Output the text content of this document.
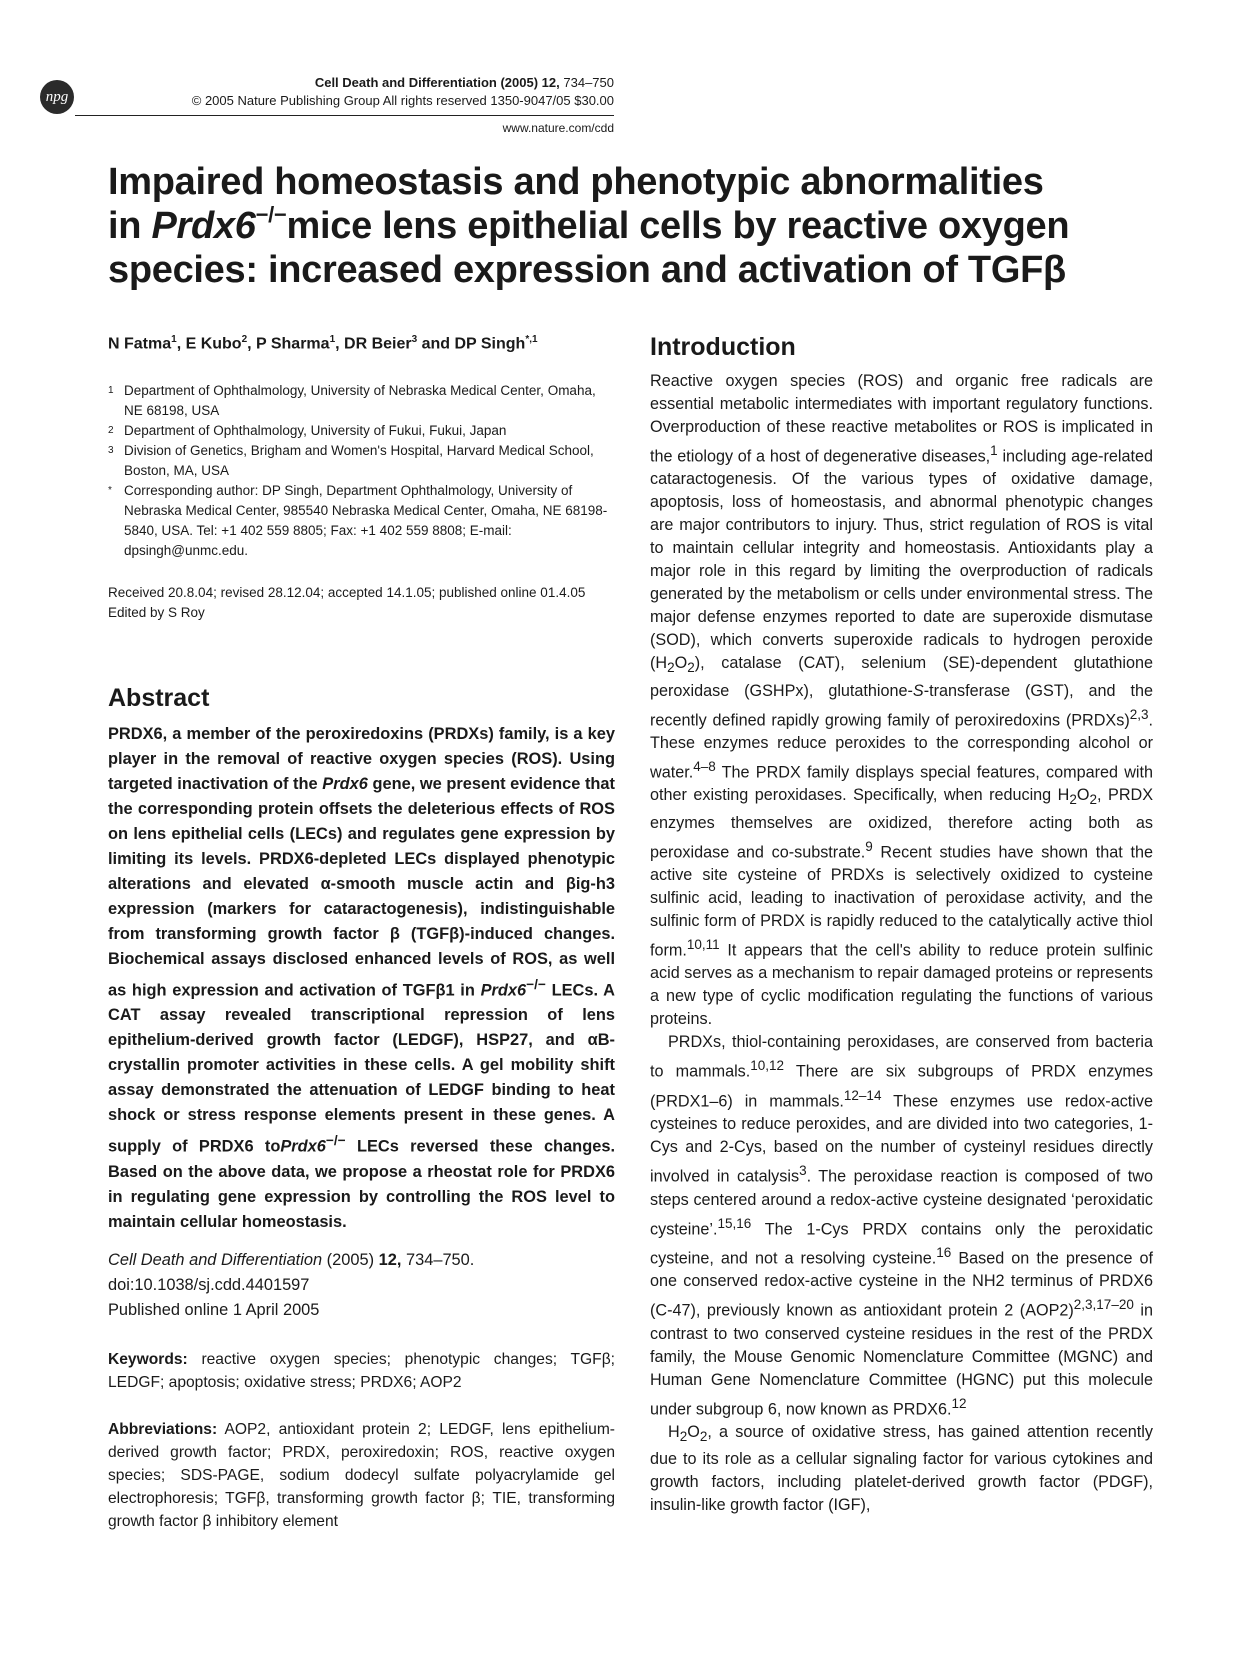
npg
Cell Death and Differentiation (2005) 12, 734–750
© 2005 Nature Publishing Group All rights reserved 1350-9047/05 $30.00
www.nature.com/cdd
Impaired homeostasis and phenotypic abnormalities
in Prdx6−/−mice lens epithelial cells by reactive oxygen
species: increased expression and activation of TGFβ
N Fatma$^1$, E Kubo$^2$, P Sharma$^1$, DR Beier$^3$ and DP Singh$^{*,1}$
1 Department of Ophthalmology, University of Nebraska Medical Center, Omaha, NE 68198, USA
2 Department of Ophthalmology, University of Fukui, Fukui, Japan
3 Division of Genetics, Brigham and Women's Hospital, Harvard Medical School, Boston, MA, USA
* Corresponding author: DP Singh, Department Ophthalmology, University of Nebraska Medical Center, 985540 Nebraska Medical Center, Omaha, NE 68198-5840, USA. Tel: +1 402 559 8805; Fax: +1 402 559 8808; E-mail: dpsingh@unmc.edu.
Received 20.8.04; revised 28.12.04; accepted 14.1.05; published online 01.4.05
Edited by S Roy
Abstract
PRDX6, a member of the peroxiredoxins (PRDXs) family, is a key player in the removal of reactive oxygen species (ROS). Using targeted inactivation of the Prdx6 gene, we present evidence that the corresponding protein offsets the deleterious effects of ROS on lens epithelial cells (LECs) and regulates gene expression by limiting its levels. PRDX6-depleted LECs displayed phenotypic alterations and elevated α-smooth muscle actin and βig-h3 expression (markers for cataractogenesis), indistinguishable from transforming growth factor β (TGFβ)-induced changes. Biochemical assays disclosed enhanced levels of ROS, as well as high expression and activation of TGFβ1 in Prdx6−/− LECs. A CAT assay revealed transcriptional repression of lens epithelium-derived growth factor (LEDGF), HSP27, and αB-crystallin promoter activities in these cells. A gel mobility shift assay demonstrated the attenuation of LEDGF binding to heat shock or stress response elements present in these genes. A supply of PRDX6 toPrdx6−/− LECs reversed these changes. Based on the above data, we propose a rheostat role for PRDX6 in regulating gene expression by controlling the ROS level to maintain cellular homeostasis.
Cell Death and Differentiation (2005) 12, 734–750.
doi:10.1038/sj.cdd.4401597
Published online 1 April 2005
Keywords: reactive oxygen species; phenotypic changes; TGFβ; LEDGF; apoptosis; oxidative stress; PRDX6; AOP2
Abbreviations: AOP2, antioxidant protein 2; LEDGF, lens epithelium-derived growth factor; PRDX, peroxiredoxin; ROS, reactive oxygen species; SDS-PAGE, sodium dodecyl sulfate polyacrylamide gel electrophoresis; TGFβ, transforming growth factor β; TIE, transforming growth factor β inhibitory element
Introduction

Reactive oxygen species (ROS) and organic free radicals are essential metabolic intermediates with important regulatory functions. Overproduction of these reactive metabolites or ROS is implicated in the etiology of a host of degenerative diseases,$^1$ including age-related cataractogenesis. Of the various types of oxidative damage, apoptosis, loss of homeostasis, and abnormal phenotypic changes are major contributors to injury. Thus, strict regulation of ROS is vital to maintain cellular integrity and homeostasis. Antioxidants play a major role in this regard by limiting the overproduction of radicals generated by the metabolism or cells under environmental stress. The major defense enzymes reported to date are superoxide dismutase (SOD), which converts superoxide radicals to hydrogen peroxide $(H_2O_2)$, catalase (CAT), selenium (SE)-dependent glutathione peroxidase (GSHPx), glutathione-S-transferase (GST), and the recently defined rapidly growing family of peroxiredoxins (PRDXs)$^{2,3}$. These enzymes reduce peroxides to the corresponding alcohol or water.$^{4-8}$ The PRDX family displays special features, compared with other existing peroxidases. Specifically, when reducing $H_2O_2$, PRDX enzymes themselves are oxidized, therefore acting both as peroxidase and co-substrate.$^9$ Recent studies have shown that the active site cysteine of PRDXs is selectively oxidized to cysteine sulfinic acid, leading to inactivation of peroxidase activity, and the sulfinic form of PRDX is rapidly reduced to the catalytically active thiol form.$^{10,11}$ It appears that the cell's ability to reduce protein sulfinic acid serves as a mechanism to repair damaged proteins or represents a new type of cyclic modification regulating the functions of various proteins.

PRDXs, thiol-containing peroxidases, are conserved from bacteria to mammals.$^{10,12}$ There are six subgroups of PRDX enzymes (PRDX1–6) in mammals.$^{12-14}$ These enzymes use redox-active cysteines to reduce peroxides, and are divided into two categories, 1-Cys and 2-Cys, based on the number of cysteinyl residues directly involved in catalysis$^3$. The peroxidase reaction is composed of two steps centered around a redox-active cysteine designated ‘peroxidatic cysteine’.$^{15,16}$ The 1-Cys PRDX contains only the peroxidatic cysteine, and not a resolving cysteine.$^{16}$ Based on the presence of one conserved redox-active cysteine in the NH2 terminus of PRDX6 (C-47), previously known as antioxidant protein 2 $(AOP2)^{2,3,17-20}$ in contrast to two conserved cysteine residues in the rest of the PRDX family, the Mouse Genomic Nomenclature Committee (MGNC) and Human Gene Nomenclature Committee (HGNC) put this molecule under subgroup 6, now known as PRDX6.12

$H_2O_2$, a source of oxidative stress, has gained attention recently due to its role as a cellular signaling factor for various cytokines and growth factors, including platelet-derived growth factor (PDGF), insulin-like growth factor (IGF),
